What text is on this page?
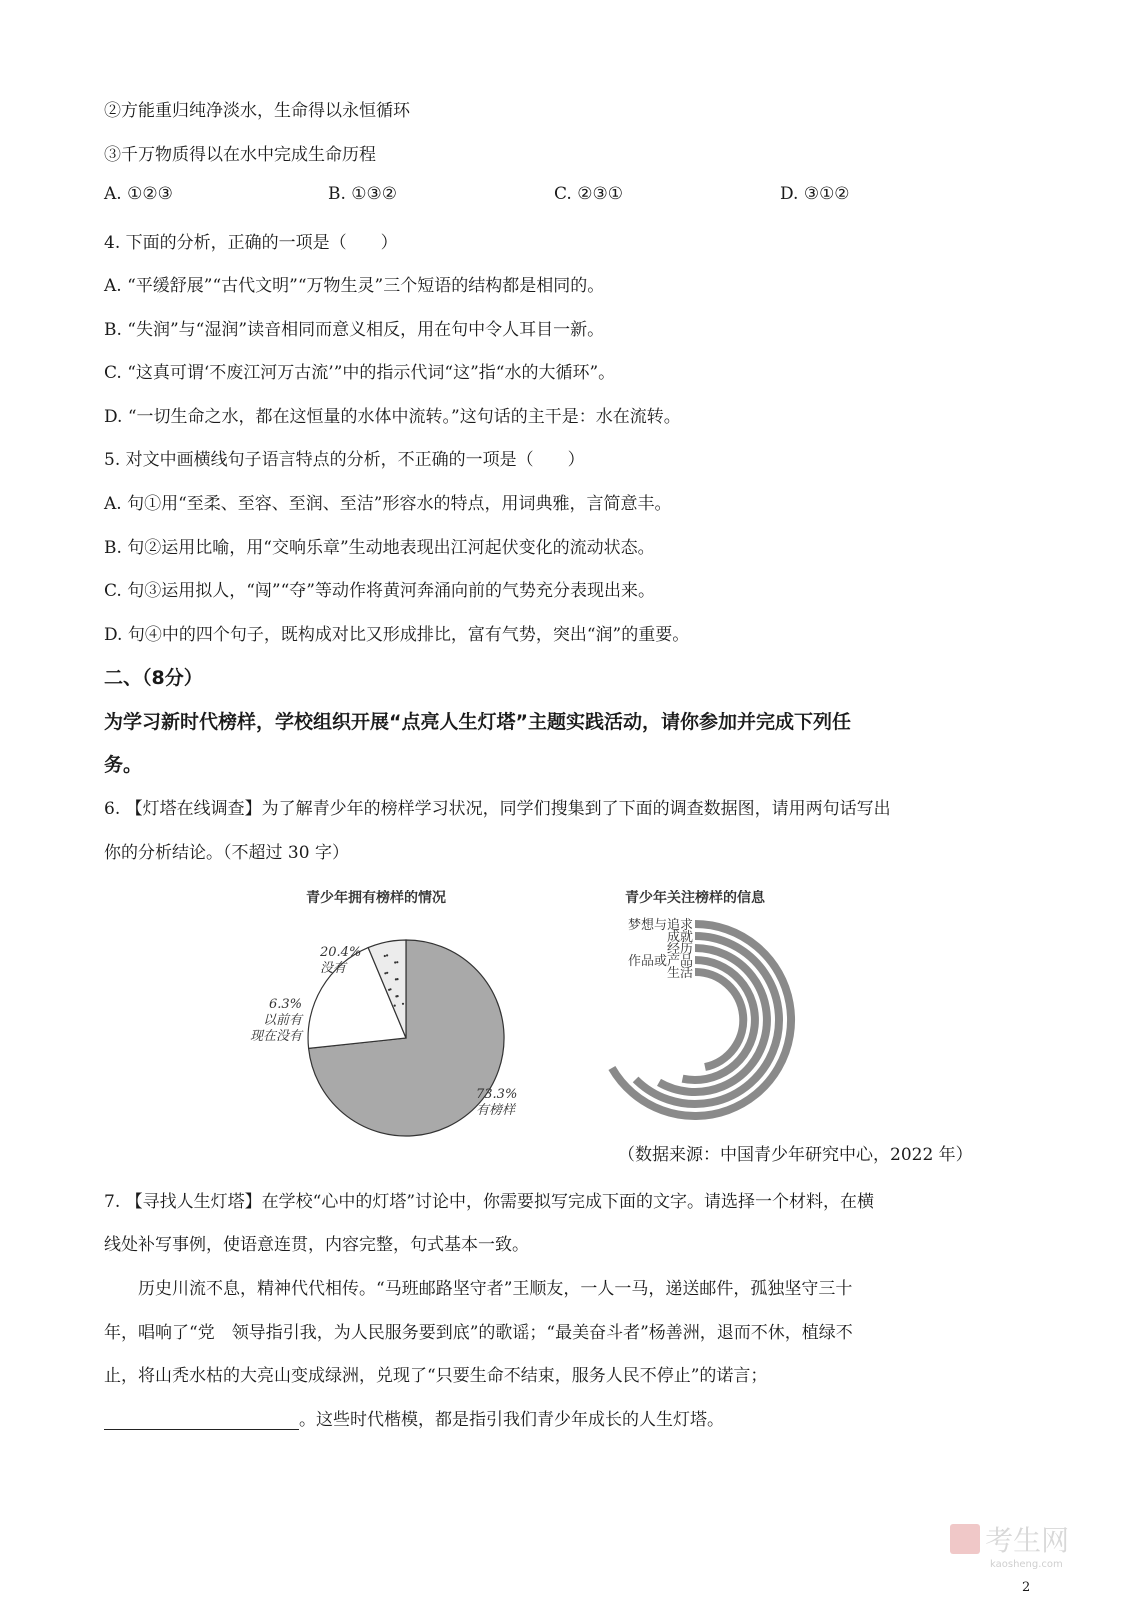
②方能重归纯净淡水，生命得以永恒循环
③千万物质得以在水中完成生命历程
A. ①②③	B. ①③②	C. ②③①	D. ③①②
4. 下面的分析，正确的一项是（　　）
A. “平缓舒展”“古代文明”“万物生灵”三个短语的结构都是相同的。
B. “失润”与“湿润”读音相同而意义相反，用在句中令人耳目一新。
C. “这真可谓‘不废江河万古流’”中的指示代词“这”指“水的大循环”。
D. “一切生命之水，都在这恒量的水体中流转。”这句话的主干是：水在流转。
5. 对文中画横线句子语言特点的分析，不正确的一项是（　　）
A. 句①用“至柔、至容、至润、至洁”形容水的特点，用词典雅，言简意丰。
B. 句②运用比喻，用“交响乐章”生动地表现出江河起伏变化的流动状态。
C. 句③运用拟人，“闯”“夺”等动作将黄河奔涌向前的气势充分表现出来。
D. 句④中的四个句子，既构成对比又形成排比，富有气势，突出“润”的重要。
二、（8分）
为学习新时代榜样，学校组织开展“点亮人生灯塔”主题实践活动，请你参加并完成下列任
务。
6. 【灯塔在线调查】为了解青少年的榜样学习状况，同学们搜集到了下面的调查数据图，请用两句话写出
你的分析结论。（不超过 30 字）
青少年拥有榜样的情况
73.3%
有榜样
20.4%
没有
6.3%
以前有
现在没有
青少年关注榜样的信息
梦想与追求
成就
经历
作品或产品
生活
（数据来源：中国青少年研究中心，2022 年）
7. 【寻找人生灯塔】在学校“心中的灯塔”讨论中，你需要拟写完成下面的文字。请选择一个材料，在横
线处补写事例，使语意连贯，内容完整，句式基本一致。
历史川流不息，精神代代相传。“马班邮路坚守者”王顺友，一人一马，递送邮件，孤独坚守三十
年，唱响了“党　领导指引我，为人民服务要到底”的歌谣；“最美奋斗者”杨善洲，退而不休，植绿不
止，将山秃水枯的大亮山变成绿洲，兑现了“只要生命不结束，服务人民不停止”的诺言；
。这些时代楷模，都是指引我们青少年成长的人生灯塔。
考生网
kaosheng.com
2
